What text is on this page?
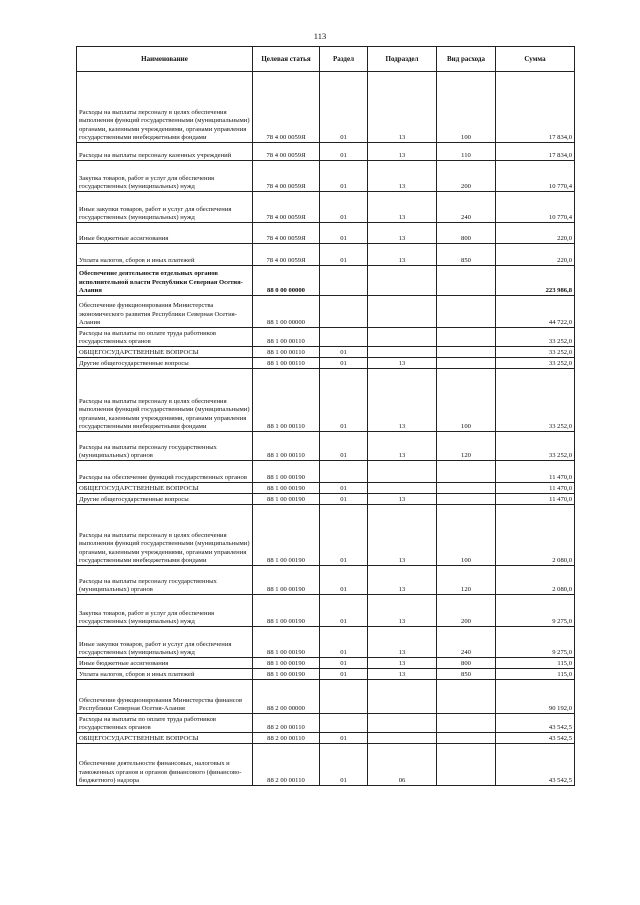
113
Наименование	Целевая статья	Раздел	Подраздел	Вид расхода	Сумма
Расходы на выплаты персоналу в целях обеспечения выполнения функций государственными (муниципальными) органами, казенными учреждениями, органами управления государственными внебюджетными фондами	78 4 00 0059Я	01	13	100	17 834,0
Расходы на выплаты персоналу казенных учреждений	78 4 00 0059Я	01	13	110	17 834,0
Закупка товаров, работ и услуг для обеспечения государственных (муниципальных) нужд	78 4 00 0059Я	01	13	200	10 770,4
Иные закупки товаров, работ и услуг для обеспечения государственных (муниципальных) нужд	78 4 00 0059Я	01	13	240	10 770,4
Иные бюджетные ассигнования	78 4 00 0059Я	01	13	800	220,0
Уплата налогов, сборов и иных платежей	78 4 00 0059Я	01	13	850	220,0
Обеспечение деятельности отдельных органов исполнительной власти Республики Северная Осетия-Алания	88 0 00 00000				223 986,8
Обеспечение функционирования Министерства экономического развития Республики Северная Осетия-Алания	88 1 00 00000				44 722,0
Расходы на выплаты по оплате труда работников государственных органов	88 1 00 00110				33 252,0
ОБЩЕГОСУДАРСТВЕННЫЕ ВОПРОСЫ	88 1 00 00110	01			33 252,0
Другие общегосударственные вопросы	88 1 00 00110	01	13		33 252,0
Расходы на выплаты персоналу в целях обеспечения выполнения функций государственными (муниципальными) органами, казенными учреждениями, органами управления государственными внебюджетными фондами	88 1 00 00110	01	13	100	33 252,0
Расходы на выплаты персоналу государственных (муниципальных) органов	88 1 00 00110	01	13	120	33 252,0
Расходы на обеспечение функций государственных органов	88 1 00 00190				11 470,0
ОБЩЕГОСУДАРСТВЕННЫЕ ВОПРОСЫ	88 1 00 00190	01			11 470,0
Другие общегосударственные вопросы	88 1 00 00190	01	13		11 470,0
Расходы на выплаты персоналу в целях обеспечения выполнения функций государственными (муниципальными) органами, казенными учреждениями, органами управления государственными внебюджетными фондами	88 1 00 00190	01	13	100	2 080,0
Расходы на выплаты персоналу государственных (муниципальных) органов	88 1 00 00190	01	13	120	2 080,0
Закупка товаров, работ и услуг для обеспечения государственных (муниципальных) нужд	88 1 00 00190	01	13	200	9 275,0
Иные закупки товаров, работ и услуг для обеспечения государственных (муниципальных) нужд	88 1 00 00190	01	13	240	9 275,0
Иные бюджетные ассигнования	88 1 00 00190	01	13	800	115,0
Уплата налогов, сборов и иных платежей	88 1 00 00190	01	13	850	115,0
Обеспечение функционирования Министерства финансов Республики Северная Осетия-Алания	88 2 00 00000				90 192,0
Расходы на выплаты по оплате труда работников государственных органов	88 2 00 00110				43 542,5
ОБЩЕГОСУДАРСТВЕННЫЕ ВОПРОСЫ	88 2 00 00110	01			43 542,5
Обеспечение деятельности финансовых, налоговых и таможенных органов и органов финансового (финансово-бюджетного) надзора	88 2 00 00110	01	06		43 542,5
